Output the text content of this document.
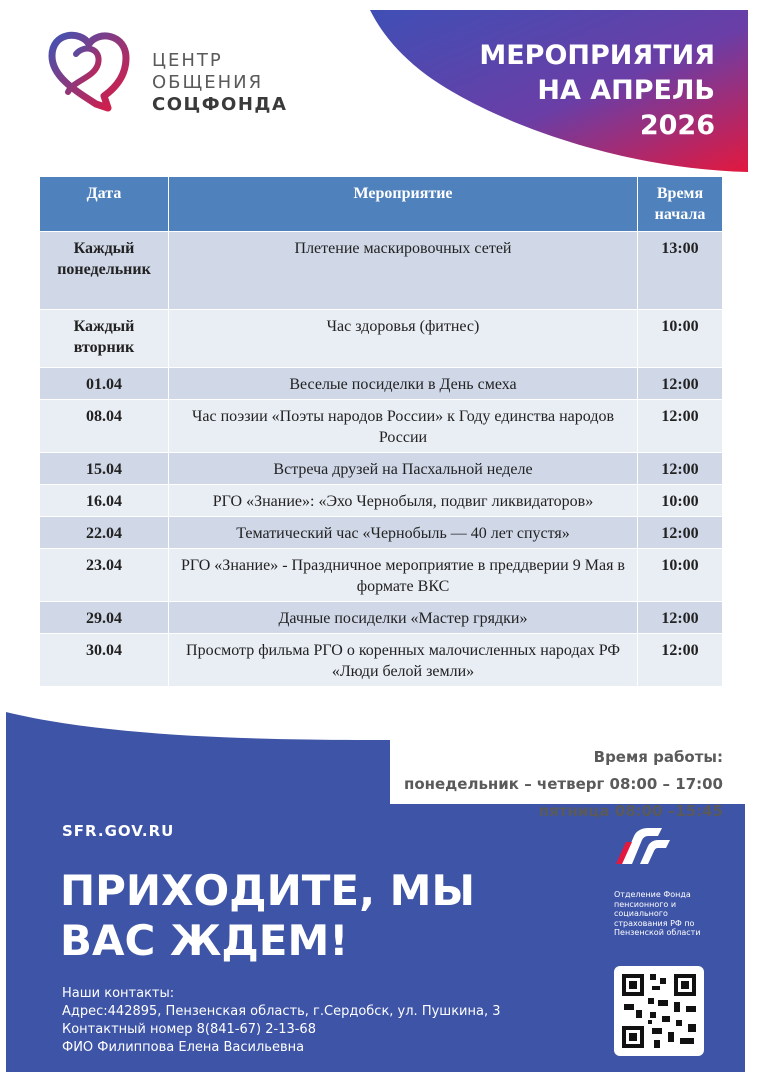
МЕРОПРИЯТИЯ
НА АПРЕЛЬ
2026
ЦЕНТР
ОБЩЕНИЯ
СОЦФОНДА
Дата	Мероприятие	Время начала
Каждый понедельник	Плетение маскировочных сетей	13:00
Каждый вторник	Час здоровья (фитнес)	10:00
01.04	Веселые посиделки в День смеха	12:00
08.04	Час поэзии «Поэты народов России» к Году единства народов России	12:00
15.04	Встреча друзей на Пасхальной неделе	12:00
16.04	РГО «Знание»: «Эхо Чернобыля, подвиг ликвидаторов»	10:00
22.04	Тематический час «Чернобыль — 40 лет спустя»	12:00
23.04	РГО «Знание» - Праздничное мероприятие в преддверии 9 Мая в формате ВКС	10:00
29.04	Дачные посиделки «Мастер грядки»	12:00
30.04	Просмотр фильма РГО о коренных малочисленных народах РФ «Люди белой земли»	12:00
Время работы:
понедельник – четверг 08:00 – 17:00
пятница 08:00 –15:45
SFR.GOV.RU
ПРИХОДИТЕ, МЫ
ВАС ЖДЕМ!
Наши контакты:
Адрес:442895, Пензенская область, г.Сердобск, ул. Пушкина, 3
Контактный номер 8(841-67) 2-13-68
ФИО Филиппова Елена Васильевна
Отделение Фонда пенсионного и социального страхования РФ по Пензенской области
